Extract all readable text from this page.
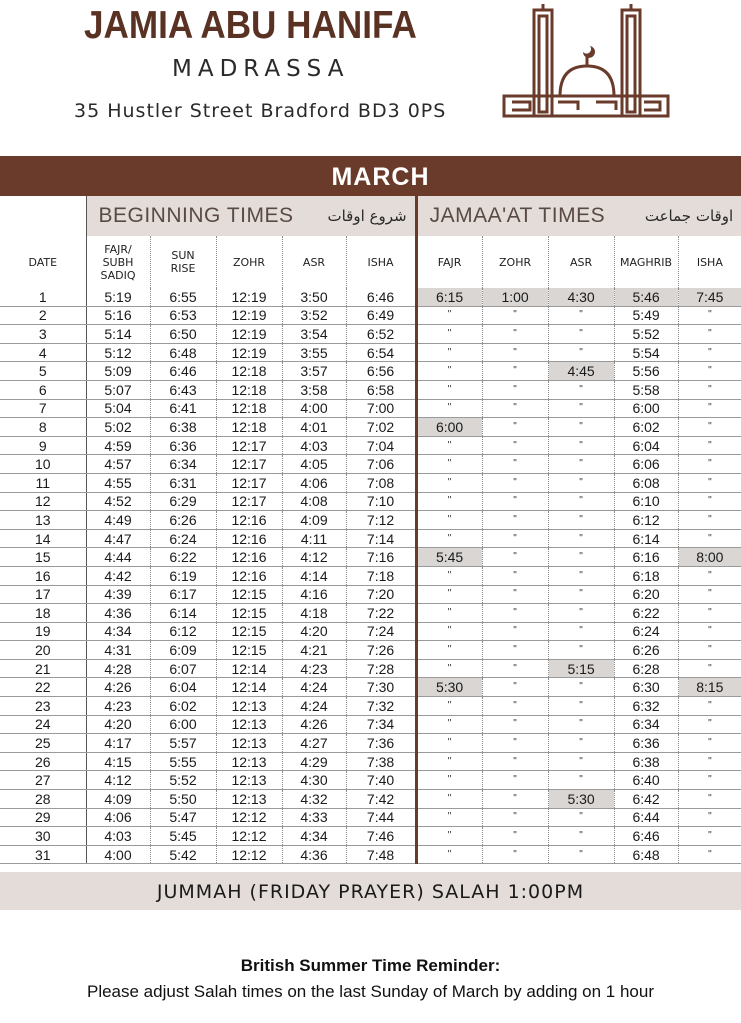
JAMIA ABU HANIFA
MADRASSA
35 Hustler Street Bradford BD3 0PS
MARCH

	BEGINNING TIMES شروع اوقات					JAMAA'AT TIMES اوقات جماعت				

DATE	FAJR/ SUBH SADIQ	SUN RISE	ZOHR	ASR	ISHA	FAJR	ZOHR	ASR	MAGHRIB	ISHA
1	5:19	6:55	12:19	3:50	6:46	6:15	1:00	4:30	5:46	7:45
2	5:16	6:53	12:19	3:52	6:49	"	"	"	5:49	"
3	5:14	6:50	12:19	3:54	6:52	"	"	"	5:52	"
4	5:12	6:48	12:19	3:55	6:54	"	"	"	5:54	"
5	5:09	6:46	12:18	3:57	6:56	"	"	4:45	5:56	"
6	5:07	6:43	12:18	3:58	6:58	"	"	"	5:58	"
7	5:04	6:41	12:18	4:00	7:00	"	"	"	6:00	"
8	5:02	6:38	12:18	4:01	7:02	6:00	"	"	6:02	"
9	4:59	6:36	12:17	4:03	7:04	"	"	"	6:04	"
10	4:57	6:34	12:17	4:05	7:06	"	"	"	6:06	"
11	4:55	6:31	12:17	4:06	7:08	"	"	"	6:08	"
12	4:52	6:29	12:17	4:08	7:10	"	"	"	6:10	"
13	4:49	6:26	12:16	4:09	7:12	"	"	"	6:12	"
14	4:47	6:24	12:16	4:11	7:14	"	"	"	6:14	"
15	4:44	6:22	12:16	4:12	7:16	5:45	"	"	6:16	8:00
16	4:42	6:19	12:16	4:14	7:18	"	"	"	6:18	"
17	4:39	6:17	12:15	4:16	7:20	"	"	"	6:20	"
18	4:36	6:14	12:15	4:18	7:22	"	"	"	6:22	"
19	4:34	6:12	12:15	4:20	7:24	"	"	"	6:24	"
20	4:31	6:09	12:15	4:21	7:26	"	"	"	6:26	"
21	4:28	6:07	12:14	4:23	7:28	"	"	5:15	6:28	"
22	4:26	6:04	12:14	4:24	7:30	5:30	"	"	6:30	8:15
23	4:23	6:02	12:13	4:24	7:32	"	"	"	6:32	"
24	4:20	6:00	12:13	4:26	7:34	"	"	"	6:34	"
25	4:17	5:57	12:13	4:27	7:36	"	"	"	6:36	"
26	4:15	5:55	12:13	4:29	7:38	"	"	"	6:38	"
27	4:12	5:52	12:13	4:30	7:40	"	"	"	6:40	"
28	4:09	5:50	12:13	4:32	7:42	"	"	5:30	6:42	"
29	4:06	5:47	12:12	4:33	7:44	"	"	"	6:44	"
30	4:03	5:45	12:12	4:34	7:46	"	"	"	6:46	"
31	4:00	5:42	12:12	4:36	7:48	"	"	"	6:48	"
JUMMAH (FRIDAY PRAYER) SALAH 1:00PM
British Summer Time Reminder:
Please adjust Salah times on the last Sunday of March by adding on 1 hour
